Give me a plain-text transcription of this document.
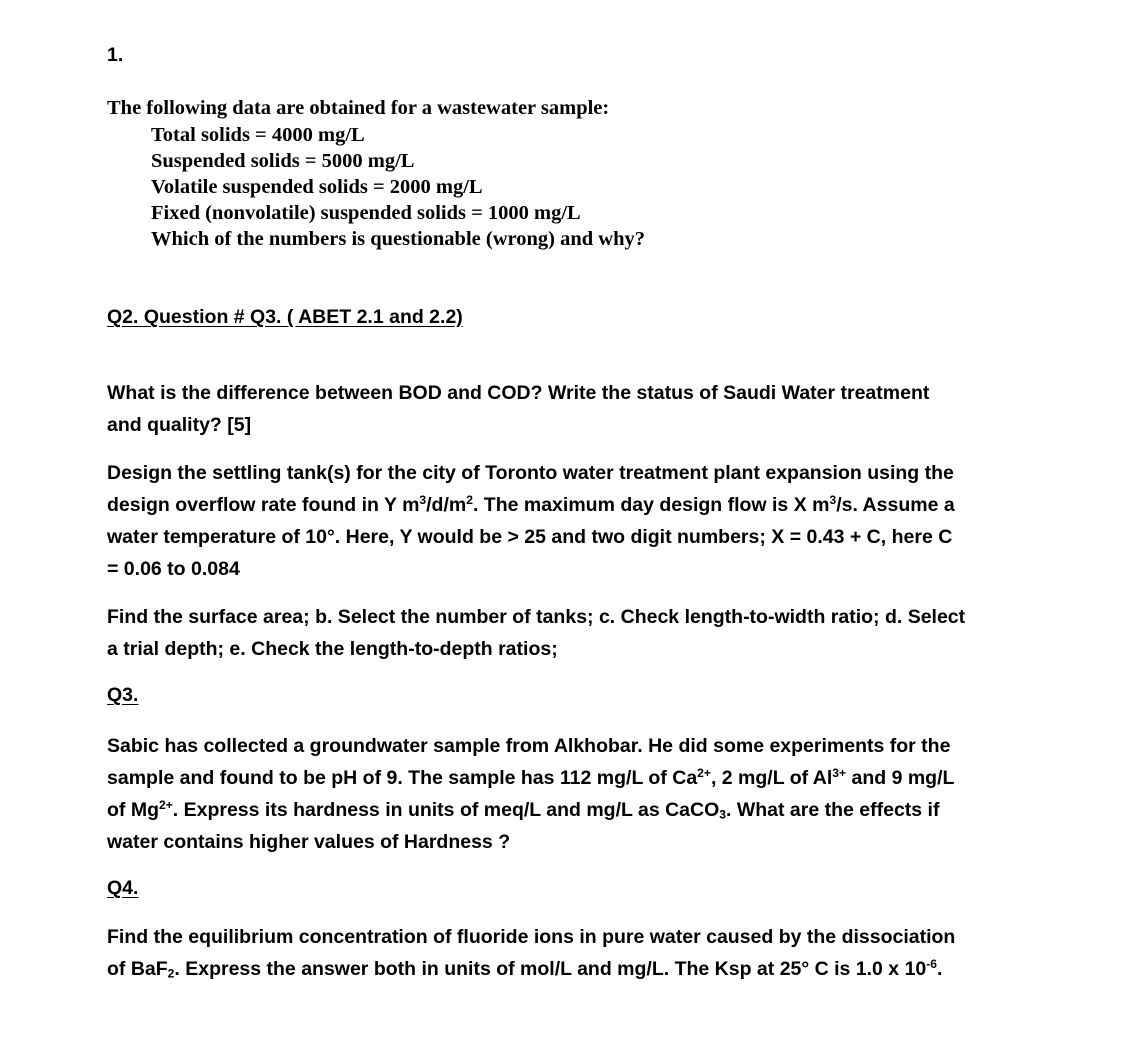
1.
The following data are obtained for a wastewater sample:
Total solids = 4000 mg/L
Suspended solids = 5000 mg/L
Volatile suspended solids = 2000 mg/L
Fixed (nonvolatile) suspended solids = 1000 mg/L
Which of the numbers is questionable (wrong) and why?
Q2. Question # Q3. ( ABET 2.1 and 2.2)
What is the difference between BOD and COD? Write the status of Saudi Water treatment
and quality? [5]
Design the settling tank(s) for the city of Toronto water treatment plant expansion using the
design overflow rate found in Y $m^3/d/m^2$. The maximum day design flow is X $m^3/s$. Assume a
water temperature of 10°. Here, Y would be > 25 and two digit numbers; X = 0.43 + C, here C
= 0.06 to 0.084
Find the surface area; b. Select the number of tanks; c. Check length-to-width ratio; d. Select
a trial depth; e. Check the length-to-depth ratios;
Q3.
Sabic has collected a groundwater sample from Alkhobar. He did some experiments for the
sample and found to be pH of 9. The sample has 112 mg/L of $Ca^{2+}$, 2 mg/L of $Al^{3+}$ and 9 mg/L
of $Mg^{2+}$. Express its hardness in units of meq/L and mg/L as CaCO$_3$. What are the effects if
water contains higher values of Hardness ?
Q4.
Find the equilibrium concentration of fluoride ions in pure water caused by the dissociation
of BaF$_2$. Express the answer both in units of mol/L and mg/L. The Ksp at 25° C is 1.0 x $10^{-6}$.
